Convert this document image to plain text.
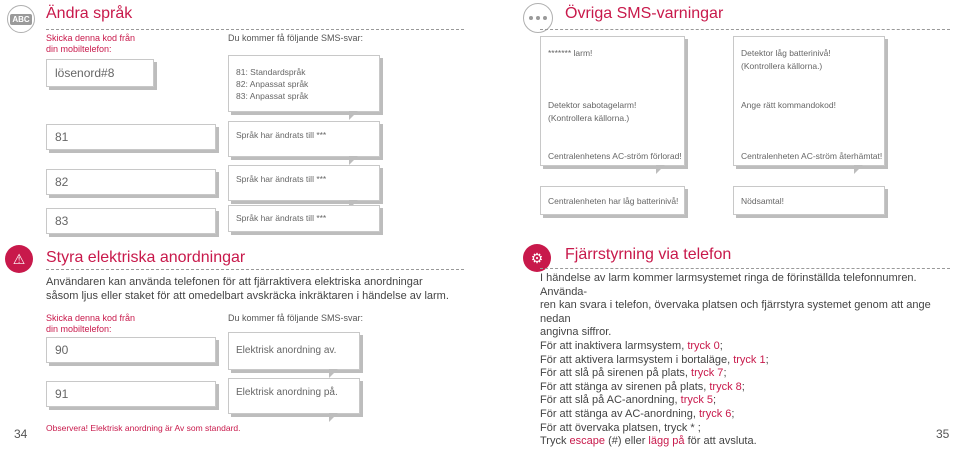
ABC Ändra språk
Skicka denna kod från
din mobiltelefon:
Du kommer få följande SMS-svar:
lösenord#8	81: Standardspråk
82: Anpassat språk
83: Anpassat språk
81	Språk har ändrats till ***
82	Språk har ändrats till ***
83	Språk har ändrats till ***
⚠	Styra elektriska anordningar
Användaren kan använda telefonen för att fjärraktivera elektriska anordningar
såsom ljus eller staket för att omedelbart avskräcka inkräktaren i händelse av larm.
Skicka denna kod från
din mobiltelefon:
Du kommer få följande SMS-svar:
90	Elektrisk anordning av.
91	Elektrisk anordning på.
Observera! Elektrisk anordning är Av som standard.
34
Övriga SMS-varningar
******* larm!
Detektor sabotagelarm!
(Kontrollera källorna.)
Centralenhetens AC-ström förlorad!
Detektor låg batterinivå!
(Kontrollera källorna.)
Ange rätt kommandokod!
Centralenheten AC-ström återhämtat!
Centralenheten har låg batterinivå!	Nödsamtal!
⚙	Fjärrstyrning via telefon
I händelse av larm kommer larmsystemet ringa de förinställda telefonnumren. Använda-
ren kan svara i telefon, övervaka platsen och fjärrstyra systemet genom att ange nedan
angivna siffror.
För att inaktivera larmsystem, tryck 0;
För att aktivera larmsystem i bortaläge, tryck 1;
För att slå på sirenen på plats, tryck 7;
För att stänga av sirenen på plats, tryck 8;
För att slå på AC-anordning, tryck 5;
För att stänga av AC-anordning, tryck 6;
För att övervaka platsen, tryck * ;
Tryck escape (#) eller lägg på för att avsluta.
35
